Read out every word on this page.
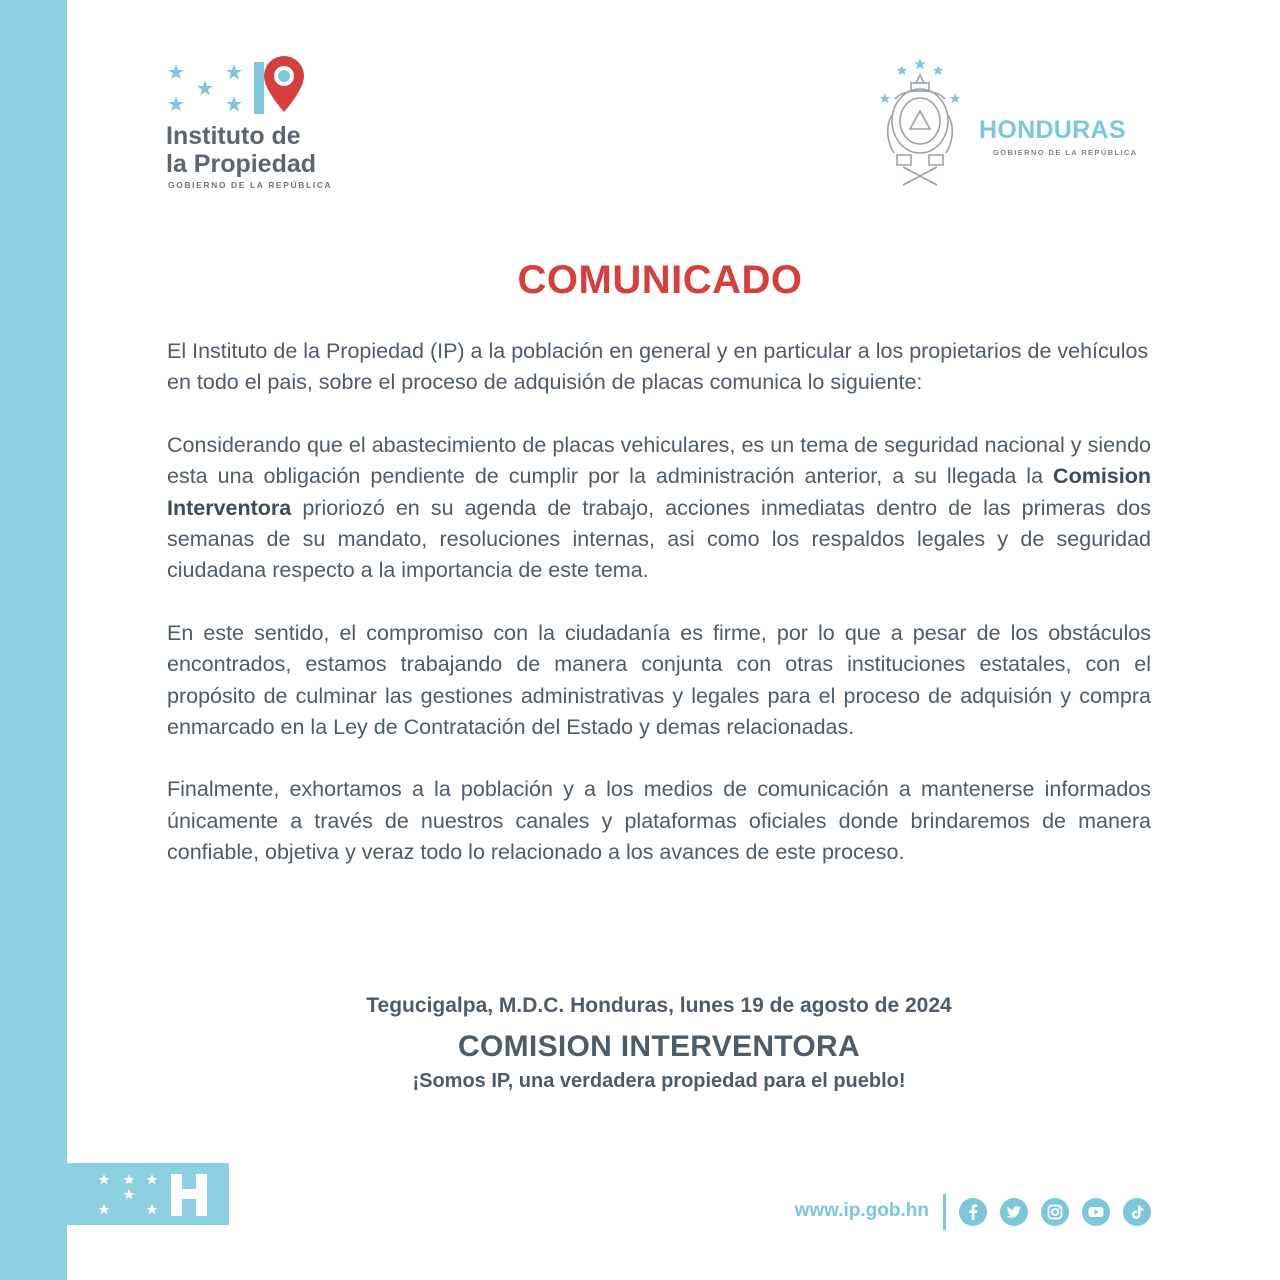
Instituto de
la Propiedad
GOBIERNO DE LA REPÚBLICA
HONDURAS
GOBIERNO DE LA REPÚBLICA
COMUNICADO

El Instituto de la Propiedad (IP) a la población en general y en particular a los propietarios de vehículos en todo el pais, sobre el proceso de adquisión de placas comunica lo siguiente:

Considerando que el abastecimiento de placas vehiculares, es un tema de seguridad nacional y siendo esta una obligación pendiente de cumplir por la administración anterior, a su llegada la Comision Interventora prioriozó en su agenda de trabajo, acciones inmediatas dentro de las primeras dos semanas de su mandato, resoluciones internas, asi como los respaldos legales y de seguridad ciudadana respecto a la importancia de este tema.

En este sentido, el compromiso con la ciudadanía es firme, por lo que a pesar de los obstáculos encontrados, estamos trabajando de manera conjunta con otras instituciones estatales, con el propósito de culminar las gestiones administrativas y legales para el proceso de adquisión y compra enmarcado en la Ley de Contratación del Estado y demas relacionadas.

Finalmente, exhortamos a la población y a los medios de comunicación a mantenerse informados únicamente a través de nuestros canales y plataformas oficiales donde brindaremos de manera confiable, objetiva y veraz todo lo relacionado a los avances de este proceso.

Tegucigalpa, M.D.C. Honduras, lunes 19 de agosto de 2024
COMISION INTERVENTORA
¡Somos IP, una verdadera propiedad para el pueblo!
www.ip.gob.hn
